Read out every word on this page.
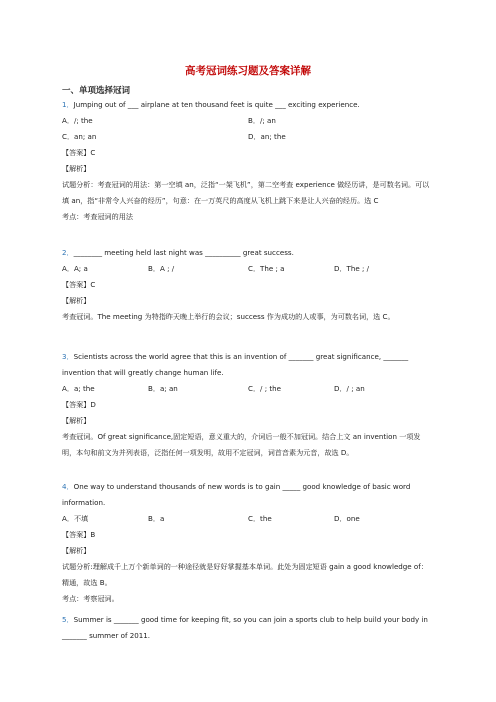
高考冠词练习题及答案详解
一、单项选择冠词
1．Jumping out of ___ airplane at ten thousand feet is quite ___ exciting experience.
A．/; the	B．/; an
C．an; an	D．an; the
【答案】C
【解析】
试题分析：考查冠词的用法：第一空填 an，泛指“一架飞机”，第二空考查 experience 做经历讲，是可数名词。可以填 an，指“非常令人兴奋的经历”，句意：在一万英尺的高度从飞机上跳下来是让人兴奋的经历。选 C
考点：考查冠词的用法
2．________ meeting held last night was __________ great success.
A．A; a	B．A ; /	C．The ; a	D．The ; /
【答案】C
【解析】
考查冠词。The meeting 为特指昨天晚上举行的会议；success 作为成功的人或事，为可数名词，选 C。
3．Scientists across the world agree that this is an invention of _______ great significance, _______ invention that will greatly change human life.
A．a; the	B．a; an	C．/ ; the	D．/ ; an
【答案】D
【解析】
考查冠词。Of great significance,固定短语，意义重大的，介词后一般不加冠词。结合上文 an invention 一项发明，本句和前文为并列表语，泛指任何一项发明，故用不定冠词，词首音素为元音，故选 D。
4．One way to understand thousands of new words is to gain _____ good knowledge of basic word information.
A．不填	B．a	C．the	D．one
【答案】B
【解析】
试题分析:理解成千上万个新单词的一种途径就是好好掌握基本单词。此处为固定短语 gain a good knowledge of：精通，故选 B。
考点：考察冠词。
5．Summer is _______ good time for keeping fit, so you can join a sports club to help build your body in _______ summer of 2011.
